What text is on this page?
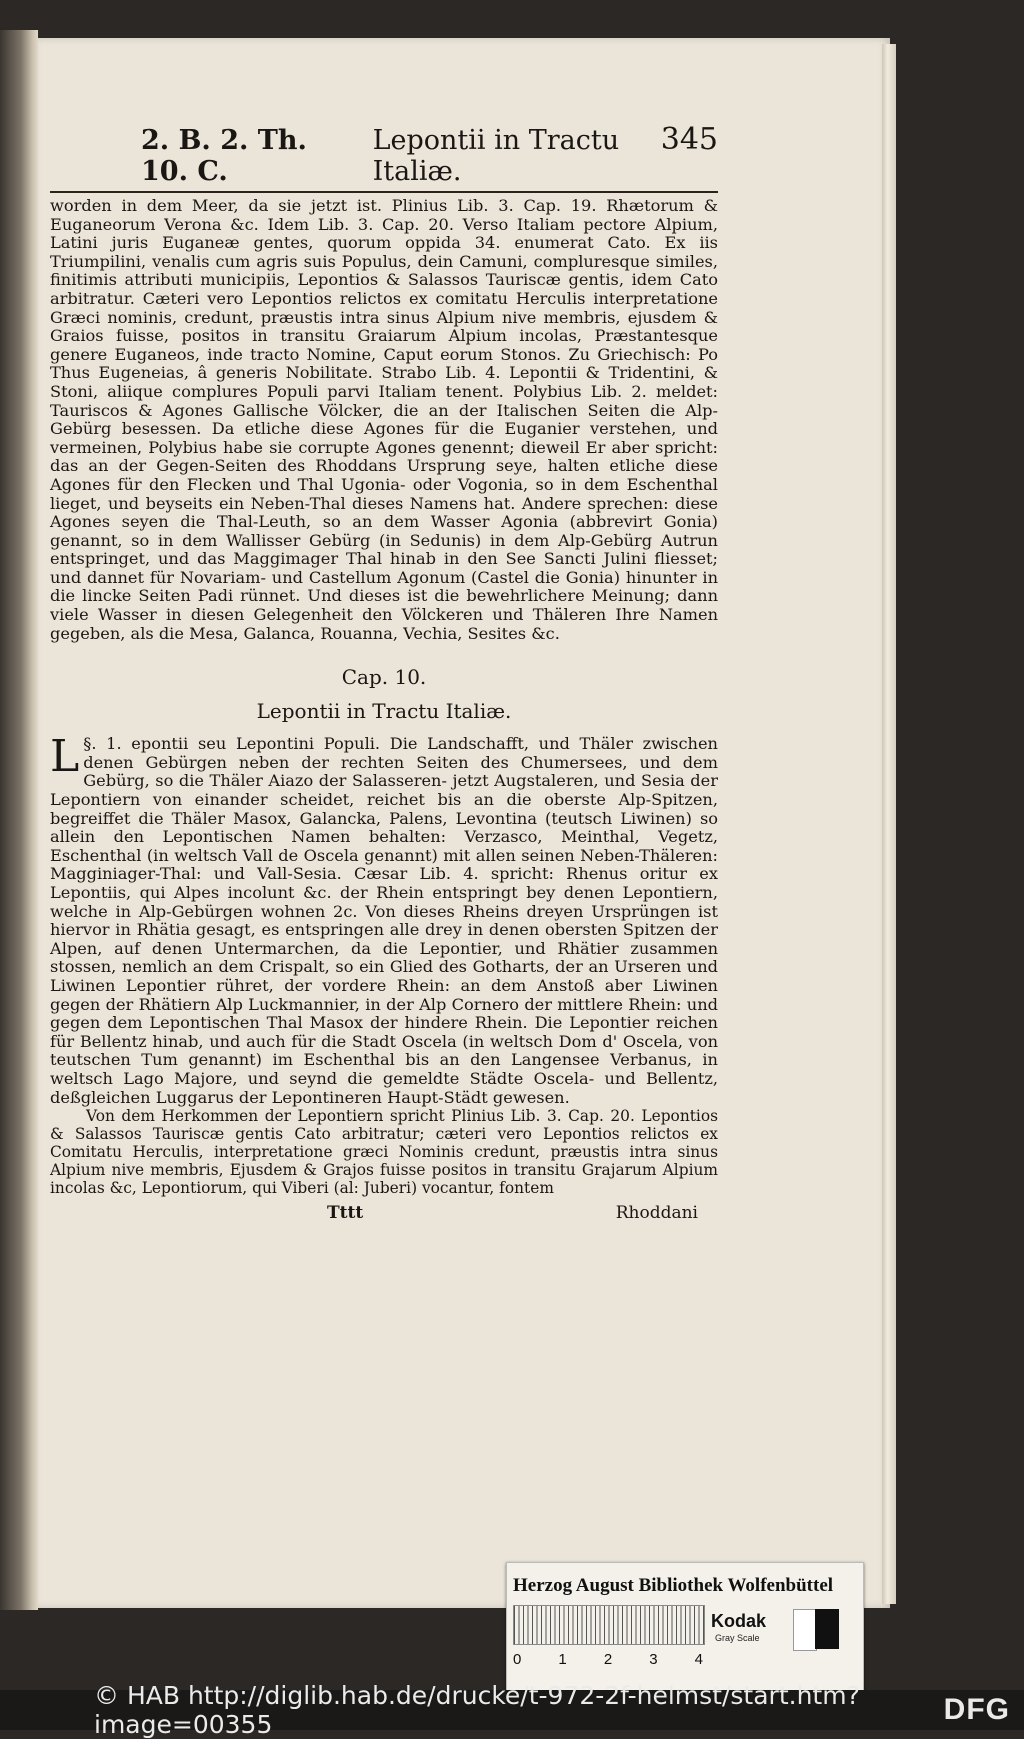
2. B. 2. Th. 10. C.
Lepontii in Tractu Italiæ.
345

worden in dem Meer, da sie jetzt ist. Plinius Lib. 3. Cap. 19. Rhætorum & Euganeorum Verona &c. Idem Lib. 3. Cap. 20. Verso Italiam pectore Alpium, Latini juris Euganeæ gentes, quorum oppida 34. enumerat Cato. Ex iis Triumpilini, venalis cum agris suis Populus, dein Camuni, compluresque similes, finitimis attributi municipiis, Lepontios & Salassos Tauriscæ gentis, idem Cato arbitratur. Cæteri vero Lepontios relictos ex comitatu Herculis interpretatione Græci nominis, credunt, præustis intra sinus Alpium nive membris, ejusdem & Graios fuisse, positos in transitu Graiarum Alpium incolas, Præstantesque genere Euganeos, inde tracto Nomine, Caput eorum Stonos. Zu Griechisch: Po Thus Eugeneias, â generis Nobilitate. Strabo Lib. 4. Lepontii & Tridentini, & Stoni, aliique complures Populi parvi Italiam tenent. Polybius Lib. 2. meldet: Tauriscos & Agones Gallische Völcker, die an der Italischen Seiten die Alp-Gebürg besessen. Da etliche diese Agones für die Euganier verstehen, und vermeinen, Polybius habe sie corrupte Agones genennt; dieweil Er aber spricht: das an der Gegen-Seiten des Rhoddans Ursprung seye, halten etliche diese Agones für den Flecken und Thal Ugonia- oder Vogonia, so in dem Eschenthal lieget, und beyseits ein Neben-Thal dieses Namens hat. Andere sprechen: diese Agones seyen die Thal-Leuth, so an dem Wasser Agonia (abbrevirt Gonia) genannt, so in dem Wallisser Gebürg (in Sedunis) in dem Alp-Gebürg Autrun entspringet, und das Maggimager Thal hinab in den See Sancti Julini fliesset; und dannet für Novariam- und Castellum Agonum (Castel die Gonia) hinunter in die lincke Seiten Padi rünnet. Und dieses ist die bewehrlichere Meinung; dann viele Wasser in diesen Gelegenheit den Völckeren und Thäleren Ihre Namen gegeben, als die Mesa, Galanca, Rouanna, Vechia, Sesites &c.

Cap. 10.
Lepontii in Tractu Italiæ.
§. 1.
L	epontii seu Lepontini Populi. Die Landschafft, und Thäler zwischen denen Gebürgen neben der rechten Seiten des Chumersees, und dem Gebürg, so die Thäler Aiazo der Salasseren- jetzt Augstaleren, und Sesia der Lepontiern von einander scheidet, reichet bis an die oberste Alp-Spitzen, begreiffet die Thäler Masox, Galancka, Palens, Levontina (teutsch Liwinen) so allein den Lepontischen Namen behalten: Verzasco, Meinthal, Vegetz, Eschenthal (in weltsch Vall de Oscela genannt) mit allen seinen Neben-Thäleren: Magginiager-Thal: und Vall-Sesia. Cæsar Lib. 4. spricht: Rhenus oritur ex Lepontiis, qui Alpes incolunt &c. der Rhein entspringt bey denen Lepontiern, welche in Alp-Gebürgen wohnen 2c. Von dieses Rheins dreyen Ursprüngen ist hiervor in Rhätia gesagt, es entspringen alle drey in denen obersten Spitzen der Alpen, auf denen Untermarchen, da die Lepontier, und Rhätier zusammen stossen, nemlich an dem Crispalt, so ein Glied des Gotharts, der an Urseren und Liwinen Lepontier rühret, der vordere Rhein: an dem Anstoß aber Liwinen gegen der Rhätiern Alp Luckmannier, in der Alp Cornero der mittlere Rhein: und gegen dem Lepontischen Thal Masox der hindere Rhein. Die Lepontier reichen für Bellentz hinab, und auch für die Stadt Oscela (in weltsch Dom d' Oscela, von teutschen Tum genannt) im Eschenthal bis an den Langensee Verbanus, in weltsch Lago Majore, und seynd die gemeldte Städte Oscela- und Bellentz, deßgleichen Luggarus der Lepontineren Haupt-Städt gewesen.
Von dem Herkommen der Lepontiern spricht Plinius Lib. 3. Cap. 20. Lepontios & Salassos Tauriscæ gentis Cato arbitratur; cæteri vero Lepontios relictos ex Comitatu Herculis, interpretatione græci Nominis credunt, præustis intra sinus Alpium nive membris, Ejusdem & Grajos fuisse positos in transitu Grajarum Alpium incolas &c, Lepontiorum, qui Viberi (al: Juberi) vocantur, fontem
Tttt	Rhoddani
Herzog August Bibliothek Wolfenbüttel
0 1 2 3 4
Kodak
Gray Scale
© HAB http://diglib.hab.de/drucke/t-972-2f-helmst/start.htm?image=00355	DFG
